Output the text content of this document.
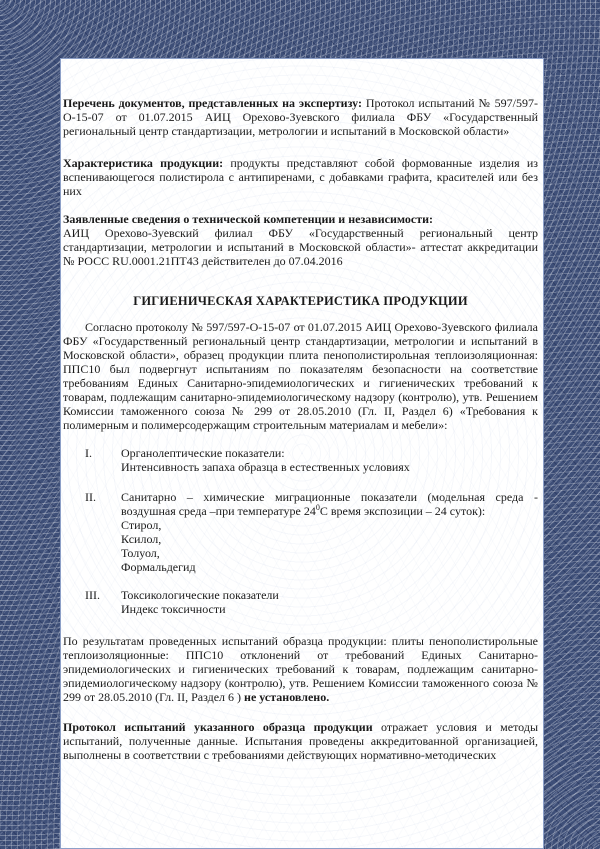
Перечень документов, представленных на экспертизу: Протокол испытаний № 597/597-О-15-07 от 01.07.2015 АИЦ Орехово-Зуевского филиала ФБУ «Государственный региональный центр стандартизации, метрологии и испытаний в Московской области»

Характеристика продукции: продукты представляют собой формованные изделия из вспенивающегося полистирола с антипиренами, с добавками графита, красителей или без них

Заявленные сведения о технической компетенции и независимости:
АИЦ Орехово-Зуевский филиал ФБУ «Государственный региональный центр стандартизации, метрологии и испытаний в Московской области»- аттестат аккредитации № РОСС RU.0001.21ПТ43 действителен до 07.04.2016

ГИГИЕНИЧЕСКАЯ ХАРАКТЕРИСТИКА ПРОДУКЦИИ

Согласно протоколу № 597/597-О-15-07 от 01.07.2015 АИЦ Орехово-Зуевского филиала ФБУ «Государственный региональный центр стандартизации, метрологии и испытаний в Московской области», образец продукции плита пенополистирольная теплоизоляционная: ППС10 был подвергнут испытаниям по показателям безопасности на соответствие требованиям Единых Санитарно-эпидемиологических и гигиенических требований к товарам, подлежащим санитарно-эпидемиологическому надзору (контролю), утв. Решением Комиссии таможенного союза № 299 от 28.05.2010 (Гл. II, Раздел 6) «Требования к полимерным и полимерсодержащим строительным материалам и мебели»:

I.	Органолептические показатели:
Интенсивность запаха образца в естественных условиях
II.	Санитарно – химические миграционные показатели (модельная среда - воздушная среда –при температуре $24^0С$ время экспозиции – 24 суток):
Стирол,
Ксилол,
Толуол,
Формальдегид
III.	Токсикологические показатели
Индекс токсичности

По результатам проведенных испытаний образца продукции: плиты пенополистирольные теплоизоляционные: ППС10 отклонений от требований Единых Санитарно-эпидемиологических и гигиенических требований к товарам, подлежащим санитарно-эпидемиологическому надзору (контролю), утв. Решением Комиссии таможенного союза № 299 от 28.05.2010 (Гл. II, Раздел 6 ) не установлено.

Протокол испытаний указанного образца продукции отражает условия и методы испытаний, полученные данные. Испытания проведены аккредитованной организацией, выполнены в соответствии с требованиями действующих нормативно-методических
